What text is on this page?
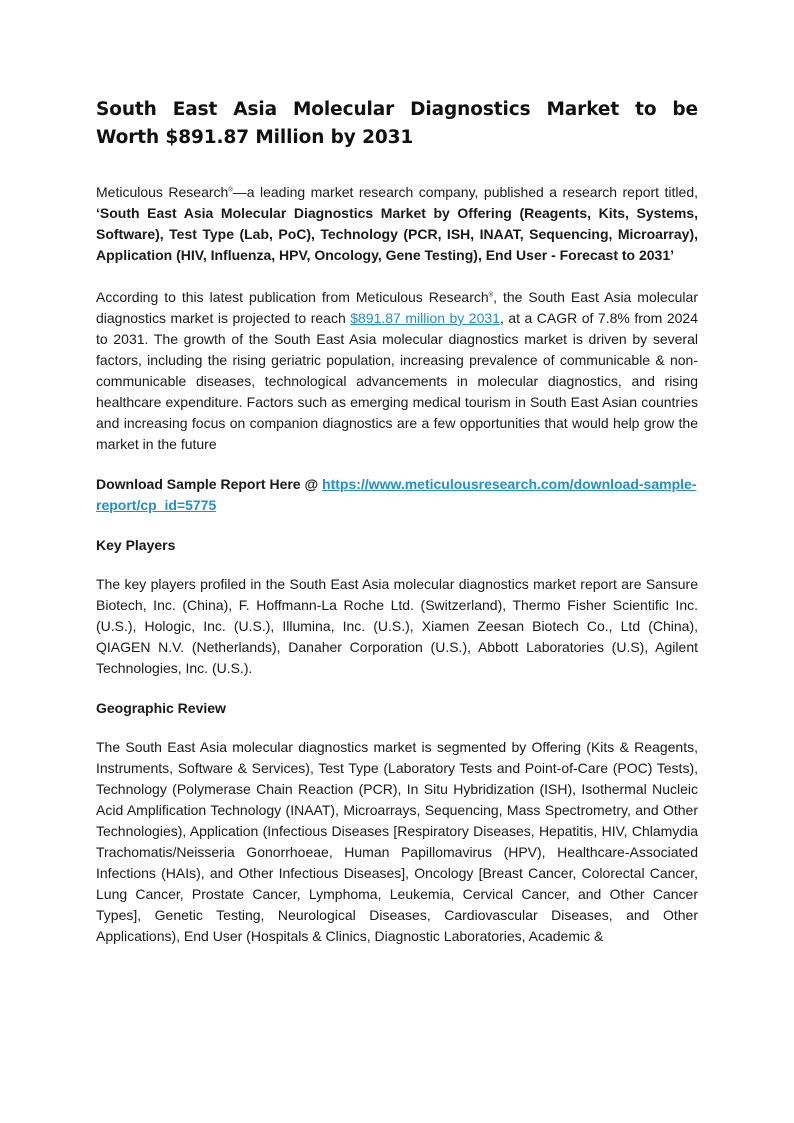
South East Asia Molecular Diagnostics Market to be Worth $891.87 Million by 2031

Meticulous Research®—a leading market research company, published a research report titled, ‘South East Asia Molecular Diagnostics Market by Offering (Reagents, Kits, Systems, Software), Test Type (Lab, PoC), Technology (PCR, ISH, INAAT, Sequencing, Microarray), Application (HIV, Influenza, HPV, Oncology, Gene Testing), End User - Forecast to 2031’

According to this latest publication from Meticulous Research®, the South East Asia molecular diagnostics market is projected to reach $891.87 million by 2031, at a CAGR of 7.8% from 2024 to 2031. The growth of the South East Asia molecular diagnostics market is driven by several factors, including the rising geriatric population, increasing prevalence of communicable & non-communicable diseases, technological advancements in molecular diagnostics, and rising healthcare expenditure. Factors such as emerging medical tourism in South East Asian countries and increasing focus on companion diagnostics are a few opportunities that would help grow the market in the future

Download Sample Report Here @ https://www.meticulousresearch.com/download-sample-report/cp_id=5775

Key Players

The key players profiled in the South East Asia molecular diagnostics market report are Sansure Biotech, Inc. (China), F. Hoffmann-La Roche Ltd. (Switzerland), Thermo Fisher Scientific Inc. (U.S.), Hologic, Inc. (U.S.), Illumina, Inc. (U.S.), Xiamen Zeesan Biotech Co., Ltd (China), QIAGEN N.V. (Netherlands), Danaher Corporation (U.S.), Abbott Laboratories (U.S), Agilent Technologies, Inc. (U.S.).

Geographic Review

The South East Asia molecular diagnostics market is segmented by Offering (Kits & Reagents, Instruments, Software & Services), Test Type (Laboratory Tests and Point-of-Care (POC) Tests), Technology (Polymerase Chain Reaction (PCR), In Situ Hybridization (ISH), Isothermal Nucleic Acid Amplification Technology (INAAT), Microarrays, Sequencing, Mass Spectrometry, and Other Technologies), Application (Infectious Diseases [Respiratory Diseases, Hepatitis, HIV, Chlamydia Trachomatis/Neisseria Gonorrhoeae, Human Papillomavirus (HPV), Healthcare-Associated Infections (HAIs), and Other Infectious Diseases], Oncology [Breast Cancer, Colorectal Cancer, Lung Cancer, Prostate Cancer, Lymphoma, Leukemia, Cervical Cancer, and Other Cancer Types], Genetic Testing, Neurological Diseases, Cardiovascular Diseases, and Other Applications), End User (Hospitals & Clinics, Diagnostic Laboratories, Academic &
